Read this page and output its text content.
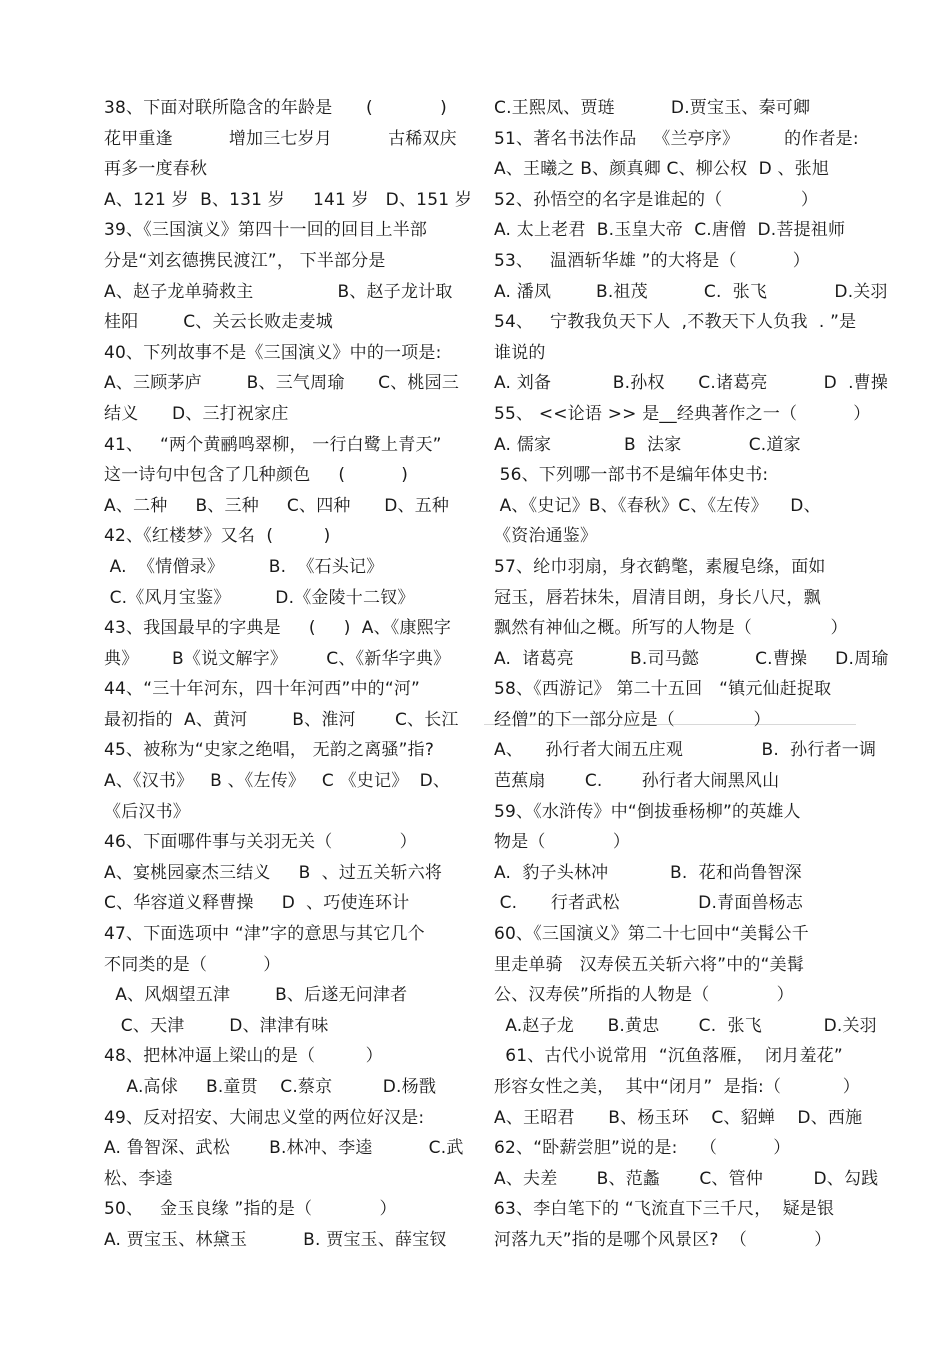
38、下面对联所隐含的年龄是      (            )
花甲重逢          增加三七岁月          古稀双庆
再多一度春秋
A、121 岁  B、131 岁     141 岁   D、151 岁
39、《三国演义》第四十一回的回目上半部
分是“刘玄德携民渡江”， 下半部分是
A、赵子龙单骑救主               B、赵子龙计取
桂阳        C、关云长败走麦城
40、下列故事不是《三国演义》中的一项是:
A、三顾茅庐        B、三气周瑜      C、桃园三
结义      D、三打祝家庄
41、   “两个黄鹂鸣翠柳， 一行白鹭上青天”
这一诗句中包含了几种颜色     (          )
A、二种     B、三种     C、四种      D、五种
42、《红楼梦》又名  (         )
A.  《情僧录》        B.  《石头记》
C.《风月宝鉴》        D.《金陵十二钗》
43、我国最早的字典是     (     )  A、《康熙字
典》      B《说文解字》       C、《新华字典》
44、“三十年河东，四十年河西”中的“河”
最初指的  A、黄河        B、淮河       C、长江
45、被称为“史家之绝唱， 无韵之离骚”指?
A、《汉书》   B 、《左传》   C 《史记》  D、
《后汉书》
46、下面哪件事与关羽无关（            ）
A、宴桃园豪杰三结义     B  、过五关斩六将
C、华容道义释曹操     D  、巧使连环计
47、下面选项中 “津”字的意思与其它几个
不同类的是（          ）
A、风烟望五津        B、后遂无问津者
C、天津        D、津津有味
48、把林冲逼上梁山的是（         ）
A.高俅     B.童贯    C.蔡京         D.杨戬
49、反对招安、大闹忠义堂的两位好汉是:
A. 鲁智深、武松       B.林冲、李逵          C.武
松、李逵
50、   金玉良缘 ”指的是（            ）
A. 贾宝玉、林黛玉          B. 贾宝玉、薛宝钗
C.王熙凤、贾琏          D.贾宝玉、秦可卿
51、著名书法作品   《兰亭序》        的作者是:
A、王曦之 B、颜真卿 C、柳公权  D 、张旭
52、孙悟空的名字是谁起的（              ）
A. 太上老君  B.玉皇大帝  C.唐僧  D.菩提祖师
53、   温酒斩华雄 ”的大将是（          ）
A. 潘凤        B.祖茂          C.  张飞            D.关羽
54、   宁教我负天下人  ,不教天下人负我  . ”是
谁说的
A. 刘备           B.孙权      C.诸葛亮          D  .曹操
55、 <<论语 >> 是__经典著作之一（          ）
A. 儒家             B  法家            C.道家
56、下列哪一部书不是编年体史书:
A、《史记》B、《春秋》C、《左传》    D、
《资治通鉴》
57、纶巾羽扇，身衣鹤氅，素履皂绦，面如
冠玉，唇若抹朱，眉清目朗，身长八尺，飘
飘然有神仙之概。所写的人物是（              ）
A.  诸葛亮          B.司马懿          C.曹操     D.周瑜
58、《西游记》 第二十五回   “镇元仙赶捉取
经僧”的下一部分应是（              ）
A、    孙行者大闹五庄观              B.  孙行者一调
芭蕉扇       C.       孙行者大闹黑风山
59、《水浒传》中“倒拔垂杨柳”的英雄人
物是（            ）
A.  豹子头林冲           B.  花和尚鲁智深
C.      行者武松              D.青面兽杨志
60、《三国演义》第二十七回中“美髯公千
里走单骑   汉寿侯五关斩六将”中的“美髯
公、汉寿侯”所指的人物是（            ）
A.赵子龙      B.黄忠       C.  张飞           D.关羽
61、古代小说常用  “沉鱼落雁，  闭月羞花”
形容女性之美，  其中“闭月”  是指:（           ）
A、王昭君      B、杨玉环    C、貂蝉    D、西施
62、“卧薪尝胆”说的是:    （          ）
A、夫差       B、范蠡       C、管仲         D、勾践
63、李白笔下的 “飞流直下三千尺，  疑是银
河落九天”指的是哪个风景区?  （            ）
